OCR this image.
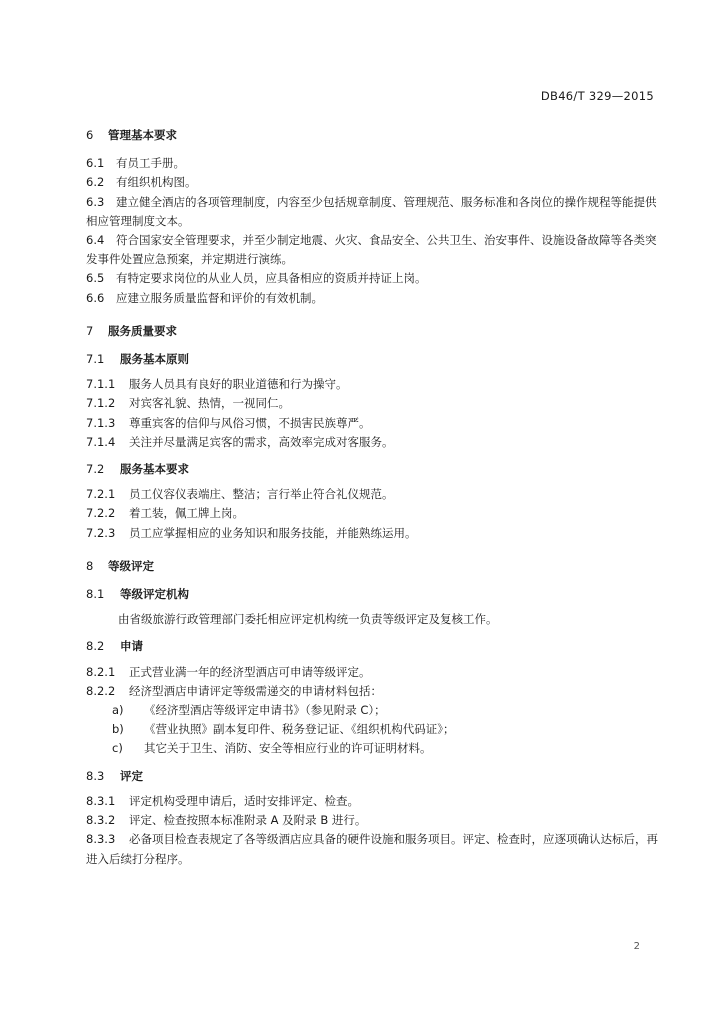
DB46/T 329—2015
6 管理基本要求
6.1 有员工手册。
6.2 有组织机构图。
6.3 建立健全酒店的各项管理制度，内容至少包括规章制度、管理规范、服务标准和各岗位的操作规程等能提供相应管理制度文本。
6.4 符合国家安全管理要求，并至少制定地震、火灾、食品安全、公共卫生、治安事件、设施设备故障等各类突发事件处置应急预案，并定期进行演练。
6.5 有特定要求岗位的从业人员，应具备相应的资质并持证上岗。
6.6 应建立服务质量监督和评价的有效机制。
7 服务质量要求
7.1 服务基本原则
7.1.1 服务人员具有良好的职业道德和行为操守。
7.1.2 对宾客礼貌、热情，一视同仁。
7.1.3 尊重宾客的信仰与风俗习惯，不损害民族尊严。
7.1.4 关注并尽量满足宾客的需求，高效率完成对客服务。
7.2 服务基本要求
7.2.1 员工仪容仪表端庄、整洁；言行举止符合礼仪规范。
7.2.2 着工装，佩工牌上岗。
7.2.3 员工应掌握相应的业务知识和服务技能，并能熟练运用。
8 等级评定
8.1 等级评定机构
由省级旅游行政管理部门委托相应评定机构统一负责等级评定及复核工作。
8.2 申请
8.2.1 正式营业满一年的经济型酒店可申请等级评定。
8.2.2 经济型酒店申请评定等级需递交的申请材料包括：
a) 《经济型酒店等级评定申请书》（参见附录 C）；
b) 《营业执照》副本复印件、税务登记证、《组织机构代码证》；
c) 其它关于卫生、消防、安全等相应行业的许可证明材料。
8.3 评定
8.3.1 评定机构受理申请后，适时安排评定、检查。
8.3.2 评定、检查按照本标准附录 A 及附录 B 进行。
8.3.3 必备项目检查表规定了各等级酒店应具备的硬件设施和服务项目。评定、检查时，应逐项确认达标后，再进入后续打分程序。
2
